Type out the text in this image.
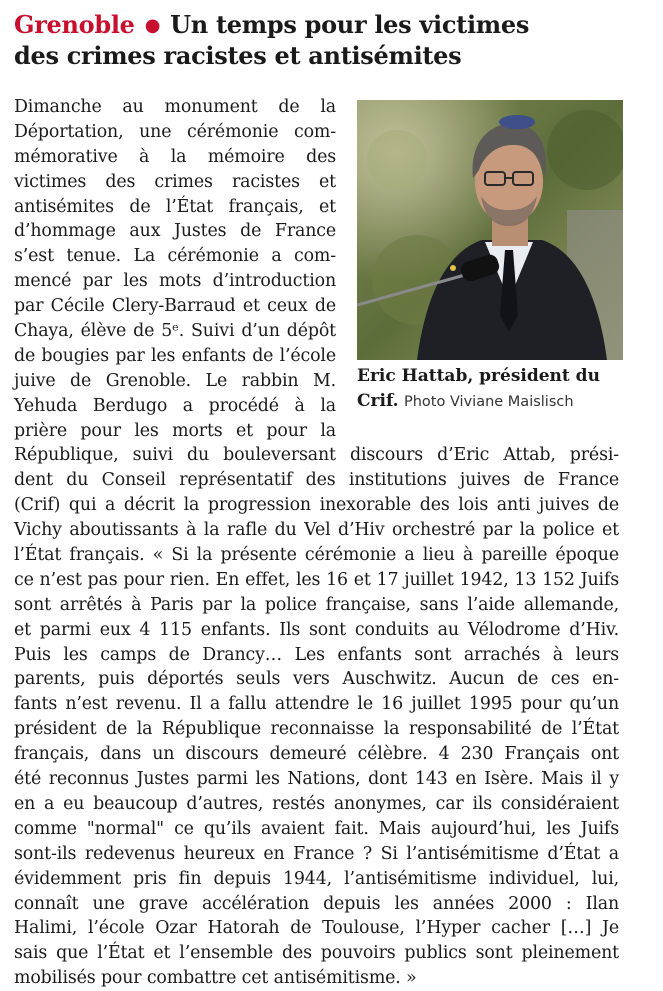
Grenoble ● Un temps pour les victimes
des crimes racistes et antisémites
Eric Hattab, président du
Crif. Photo Viviane Maislisch
Dimanche au monument de la
Déportation, une cérémonie com-
mémorative à la mémoire des
victimes des crimes racistes et
antisémites de l’État français, et
d’hommage aux Justes de France
s’est tenue. La cérémonie a com-
mencé par les mots d’introduction
par Cécile Clery-Barraud et ceux de
Chaya, élève de 5ᵉ. Suivi d’un dépôt
de bougies par les enfants de l’école
juive de Grenoble. Le rabbin M.
Yehuda Berdugo a procédé à la
prière pour les morts et pour la
République, suivi du bouleversant discours d’Eric Attab, prési-
dent du Conseil représentatif des institutions juives de France
(Crif) qui a décrit la progression inexorable des lois anti juives de
Vichy aboutissants à la rafle du Vel d’Hiv orchestré par la police et
l’État français. « Si la présente cérémonie a lieu à pareille époque
ce n’est pas pour rien. En effet, les 16 et 17 juillet 1942, 13 152 Juifs
sont arrêtés à Paris par la police française, sans l’aide allemande,
et parmi eux 4 115 enfants. Ils sont conduits au Vélodrome d’Hiv.
Puis les camps de Drancy… Les enfants sont arrachés à leurs
parents, puis déportés seuls vers Auschwitz. Aucun de ces en-
fants n’est revenu. Il a fallu attendre le 16 juillet 1995 pour qu’un
président de la République reconnaisse la responsabilité de l’État
français, dans un discours demeuré célèbre. 4 230 Français ont
été reconnus Justes parmi les Nations, dont 143 en Isère. Mais il y
en a eu beaucoup d’autres, restés anonymes, car ils considéraient
comme "normal" ce qu’ils avaient fait. Mais aujourd’hui, les Juifs
sont-ils redevenus heureux en France ? Si l’antisémitisme d’État a
évidemment pris fin depuis 1944, l’antisémitisme individuel, lui,
connaît une grave accélération depuis les années 2000 : Ilan
Halimi, l’école Ozar Hatorah de Toulouse, l’Hyper cacher […] Je
sais que l’État et l’ensemble des pouvoirs publics sont pleinement
mobilisés pour combattre cet antisémitisme. »
